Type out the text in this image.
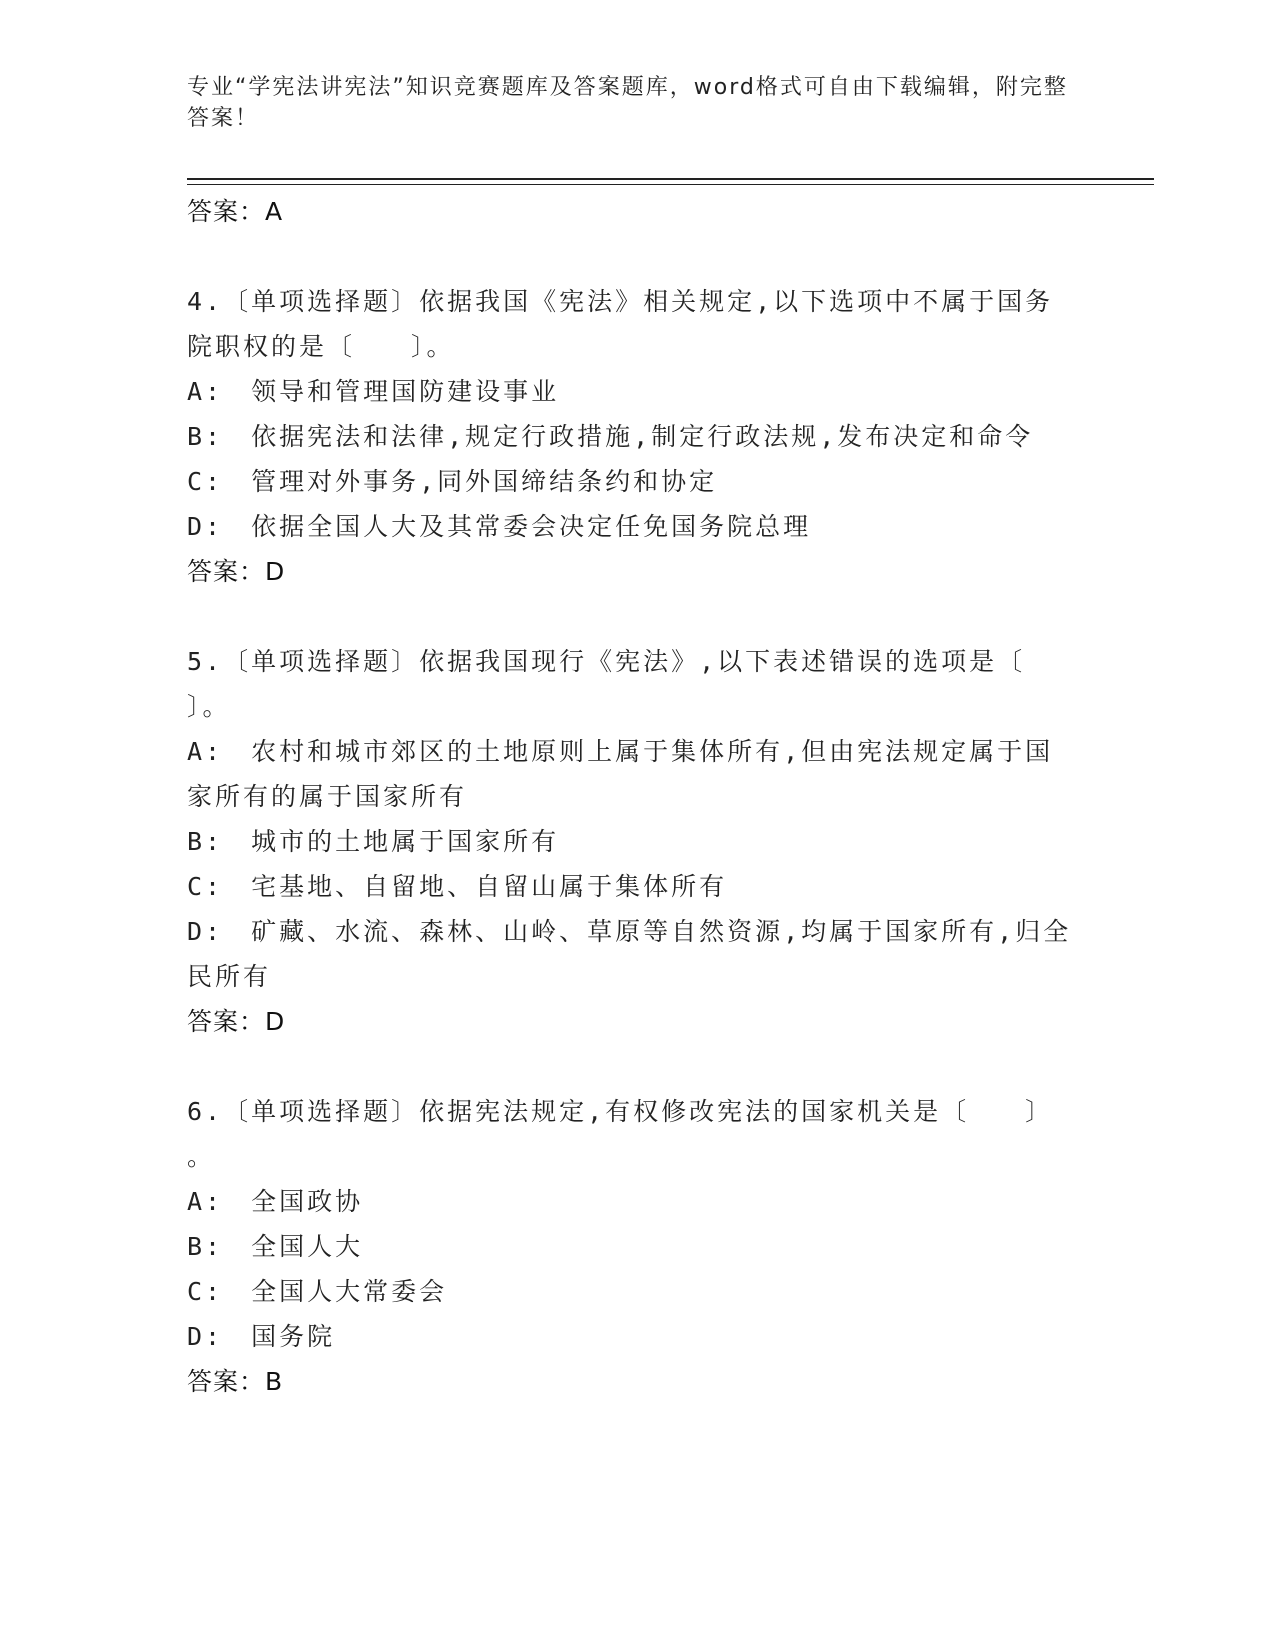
专业“学宪法讲宪法”知识竞赛题库及答案题库，word格式可自由下载编辑，附完整答案！
答案：A
4.〔单项选择题〕依据我国《宪法》相关规定,以下选项中不属于国务
院职权的是〔　　〕。
A:　领导和管理国防建设事业
B:　依据宪法和法律,规定行政措施,制定行政法规,发布决定和命令
C:　管理对外事务,同外国缔结条约和协定
D:　依据全国人大及其常委会决定任免国务院总理
答案：D
5.〔单项选择题〕依据我国现行《宪法》,以下表述错误的选项是〔
〕。
A:　农村和城市郊区的土地原则上属于集体所有,但由宪法规定属于国
家所有的属于国家所有
B:　城市的土地属于国家所有
C:　宅基地、自留地、自留山属于集体所有
D:　矿藏、水流、森林、山岭、草原等自然资源,均属于国家所有,归全
民所有
答案：D
6.〔单项选择题〕依据宪法规定,有权修改宪法的国家机关是〔　　〕
。
A:　全国政协
B:　全国人大
C:　全国人大常委会
D:　国务院
答案：B
